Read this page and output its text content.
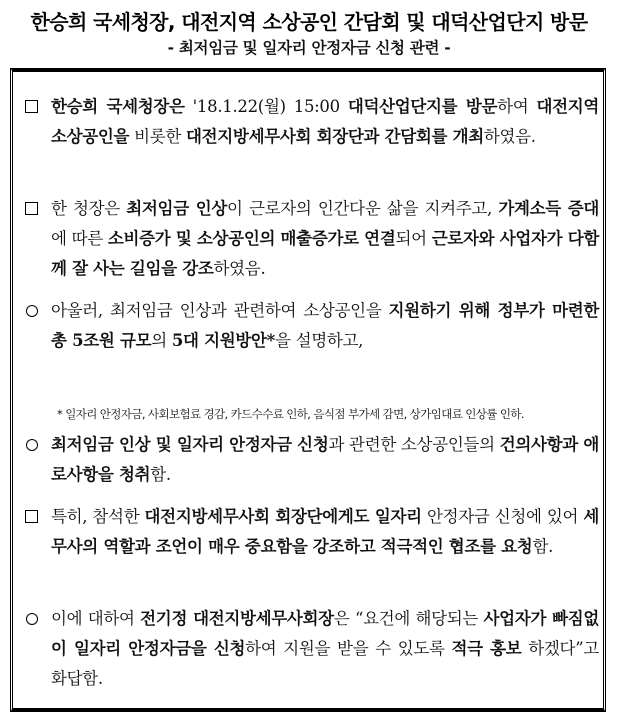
한승희 국세청장, 대전지역 소상공인 간담회 및 대덕산업단지 방문
- 최저임금 및 일자리 안정자금 신청 관련 -
한승희 국세청장은 '18.1.22(월) 15:00 대덕산업단지를 방문하여 대전지역 소상공인을 비롯한 대전지방세무사회 회장단과 간담회를 개최하였음.
한 청장은 최저임금 인상이 근로자의 인간다운 삶을 지켜주고, 가계소득 증대에 따른 소비증가 및 소상공인의 매출증가로 연결되어 근로자와 사업자가 다함께 잘 사는 길임을 강조하였음.
아울러, 최저임금 인상과 관련하여 소상공인을 지원하기 위해 정부가 마련한 총 5조원 규모의 5대 지원방안*을 설명하고,
* 일자리 안정자금, 사회보험료 경감, 카드수수료 인하, 음식점 부가세 감면, 상가임대료 인상률 인하.
최저임금 인상 및 일자리 안정자금 신청과 관련한 소상공인들의 건의사항과 애로사항을 청취함.
특히, 참석한 대전지방세무사회 회장단에게도 일자리 안정자금 신청에 있어 세무사의 역할과 조언이 매우 중요함을 강조하고 적극적인 협조를 요청함.
이에 대하여 전기정 대전지방세무사회장은 “요건에 해당되는 사업자가 빠짐없이 일자리 안정자금을 신청하여 지원을 받을 수 있도록 적극 홍보 하겠다”고 화답함.
